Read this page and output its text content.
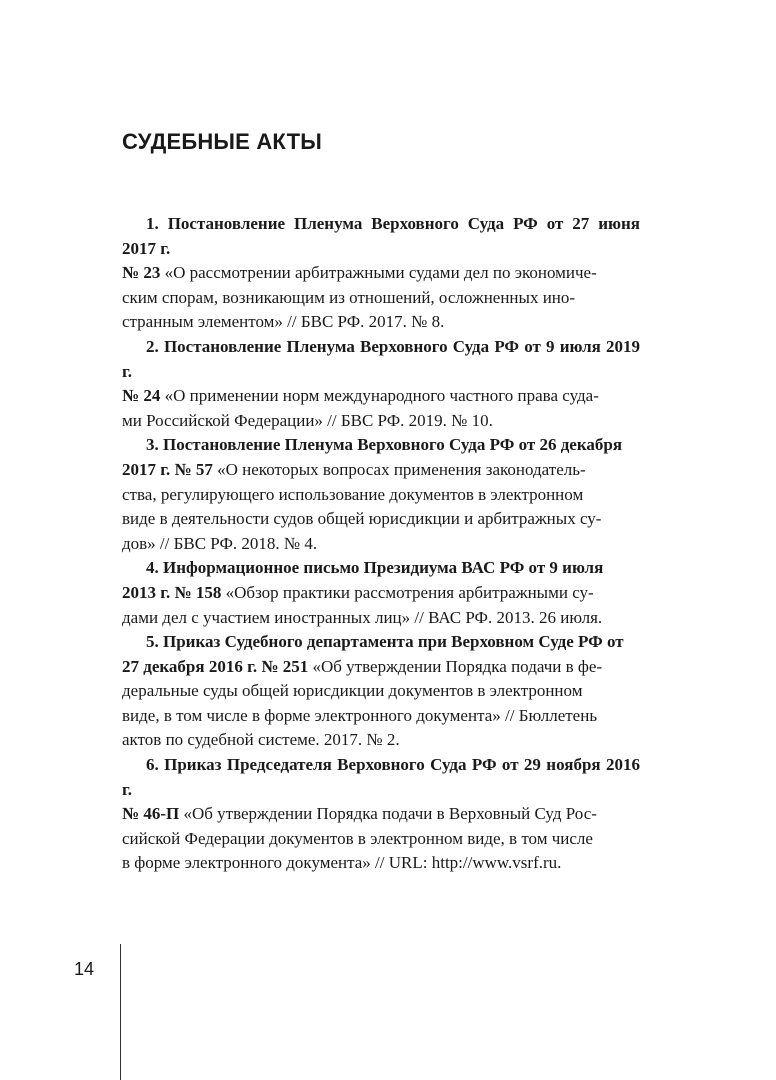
СУДЕБНЫЕ АКТЫ

1. Постановление Пленума Верховного Суда РФ от 27 июня 2017 г.
№ 23 «О рассмотрении арбитражными судами дел по экономиче-
ским спорам, возникающим из отношений, осложненных ино-
странным элементом» // БВС РФ. 2017. № 8.

2. Постановление Пленума Верховного Суда РФ от 9 июля 2019 г.
№ 24 «О применении норм международного частного права суда-
ми Российской Федерации» // БВС РФ. 2019. № 10.

3. Постановление Пленума Верховного Суда РФ от 26 декабря
2017 г. № 57 «О некоторых вопросах применения законодатель-
ства, регулирующего использование документов в электронном
виде в деятельности судов общей юрисдикции и арбитражных су-
дов» // БВС РФ. 2018. № 4.

4. Информационное письмо Президиума ВАС РФ от 9 июля
2013 г. № 158 «Обзор практики рассмотрения арбитражными су-
дами дел с участием иностранных лиц» // ВАС РФ. 2013. 26 июля.

5. Приказ Судебного департамента при Верховном Суде РФ от
27 декабря 2016 г. № 251 «Об утверждении Порядка подачи в фе-
деральные суды общей юрисдикции документов в электронном
виде, в том числе в форме электронного документа» // Бюллетень
актов по судебной системе. 2017. № 2.

6. Приказ Председателя Верховного Суда РФ от 29 ноября 2016 г.
№ 46-П «Об утверждении Порядка подачи в Верховный Суд Рос-
сийской Федерации документов в электронном виде, в том числе
в форме электронного документа» // URL: http://www.vsrf.ru.

14
